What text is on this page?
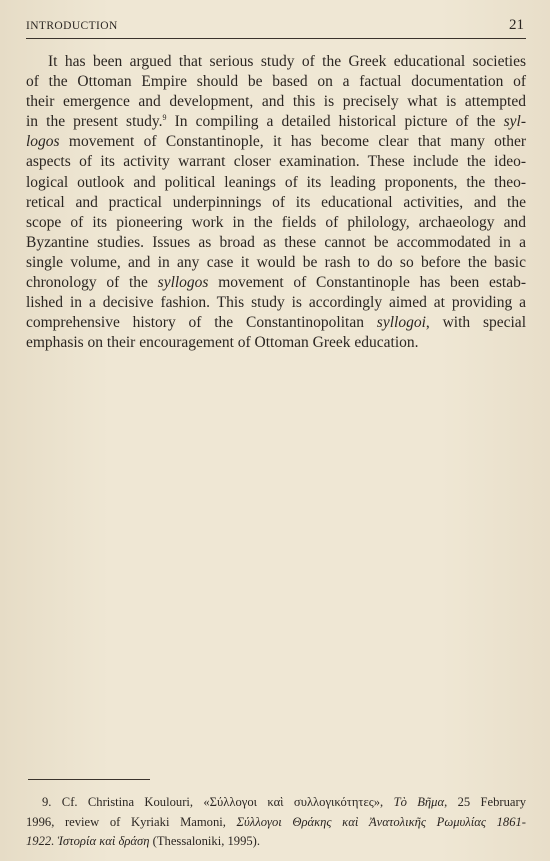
INTRODUCTION	21

It has been argued that serious study of the Greek educational societies
of the Ottoman Empire should be based on a factual documentation of
their emergence and development, and this is precisely what is attempted
in the present study.$^9$ In compiling a detailed historical picture of the syl-
logos movement of Constantinople, it has become clear that many other
aspects of its activity warrant closer examination. These include the ideo-
logical outlook and political leanings of its leading proponents, the theo-
retical and practical underpinnings of its educational activities, and the
scope of its pioneering work in the fields of philology, archaeology and
Byzantine studies. Issues as broad as these cannot be accommodated in a
single volume, and in any case it would be rash to do so before the basic
chronology of the syllogos movement of Constantinople has been estab-
lished in a decisive fashion. This study is accordingly aimed at providing a
comprehensive history of the Constantinopolitan syllogoi, with special
emphasis on their encouragement of Ottoman Greek education.

9. Cf. Christina Koulouri, «Σύλλογοι καὶ συλλογικότητες», Τὸ Βῆμα, 25 February
1996, review of Kyriaki Mamoni, Σύλλογοι Θράκης καὶ Ἀνατολικῆς Ρωμυλίας 1861-
1922. Ἱστορία καὶ δράση (Thessaloniki, 1995).
